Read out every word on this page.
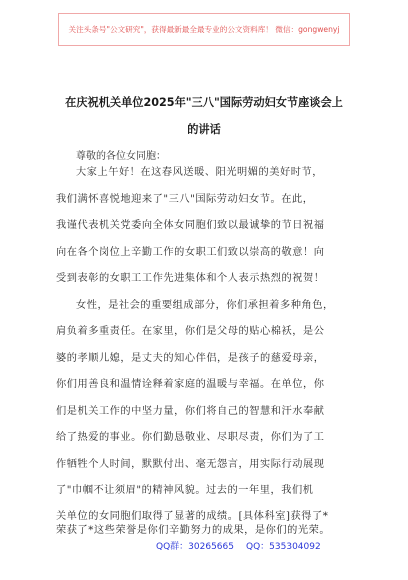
关注头条号"公文研究"，获得最新最全最专业的公文资料库！ 微信：gongwenyj
在庆祝机关单位2025年"三八"国际劳动妇女节座谈会上
的讲话
尊敬的各位女同胞：
大家上午好！在这春风送暖、阳光明媚的美好时节，
我们满怀喜悦地迎来了"三八"国际劳动妇女节。在此，
我谨代表机关党委向全体女同胞们致以最诚挚的节日祝福
向在各个岗位上辛勤工作的女职工们致以崇高的敬意！向
受到表彰的女职工工作先进集体和个人表示热烈的祝贺！
女性，是社会的重要组成部分，你们承担着多种角色，
肩负着多重责任。在家里，你们是父母的贴心棉袄，是公
婆的孝顺儿媳，是丈夫的知心伴侣，是孩子的慈爱母亲，
你们用善良和温情诠释着家庭的温暖与幸福。在单位，你
们是机关工作的中坚力量，你们将自己的智慧和汗水奉献
给了热爱的事业。你们勤恳敬业、尽职尽责，你们为了工
作牺牲个人时间，默默付出、毫无怨言，用实际行动展现
了"巾帼不让须眉"的精神风貌。过去的一年里，我们机
关单位的女同胞们取得了显著的成绩。[具体科室]获得了*
荣获了*这些荣誉是你们辛勤努力的成果，是你们的光荣。
QQ群：30265665 QQ：535304092
